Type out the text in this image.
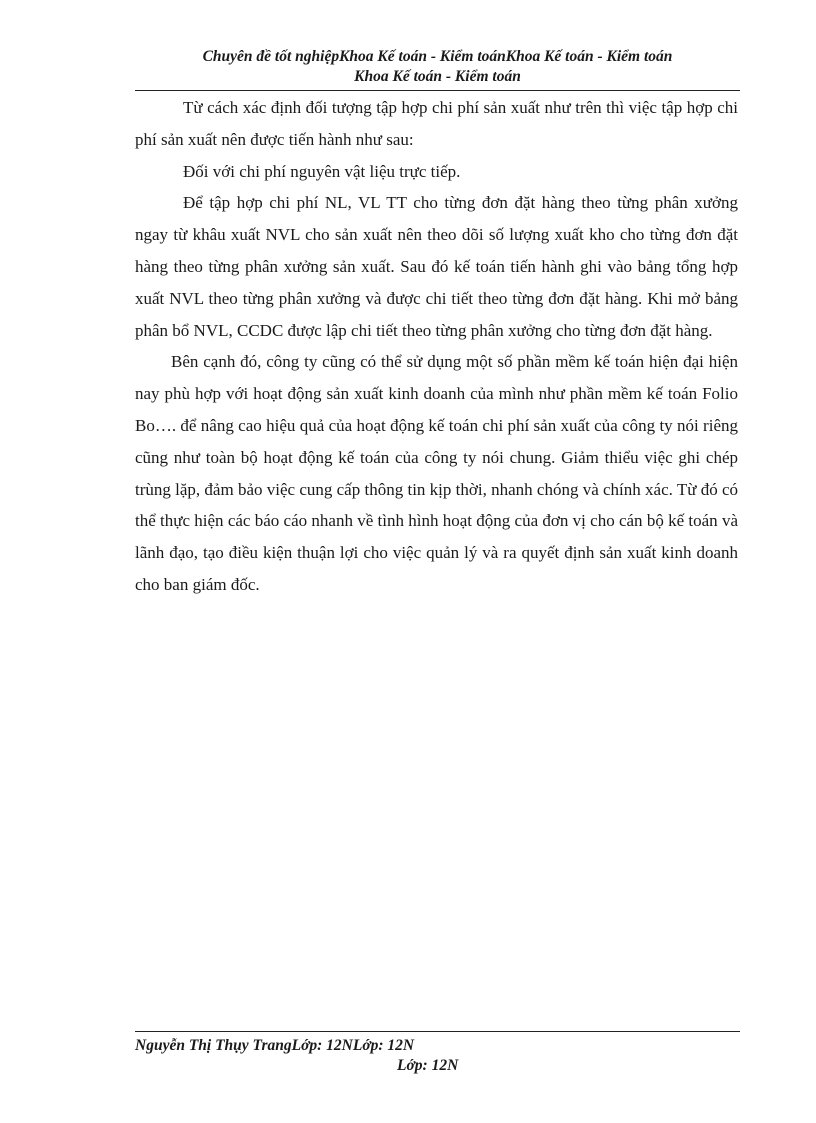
Chuyên đề tốt nghiệpKhoa Kế toán - Kiểm toánKhoa Kế toán - Kiểm toán
Khoa Kế toán - Kiểm toán

Từ cách xác định đối tượng tập hợp chi phí sản xuất như trên thì việc tập hợp chi phí sản xuất nên được tiến hành như sau:

Đối với chi phí nguyên vật liệu trực tiếp.

Để tập hợp chi phí NL, VL TT cho từng đơn đặt hàng theo từng phân xưởng ngay từ khâu xuất NVL cho sản xuất nên theo dõi số lượng xuất kho cho từng đơn đặt hàng theo từng phân xưởng sản xuất. Sau đó kế toán tiến hành ghi vào bảng tổng hợp xuất NVL theo từng phân xưởng và được chi tiết theo từng đơn đặt hàng. Khi mở bảng phân bổ NVL, CCDC được lập chi tiết theo từng phân xưởng cho từng đơn đặt hàng.

Bên cạnh đó, công ty cũng có thể sử dụng một số phần mềm kế toán hiện đại hiện nay phù hợp với hoạt động sản xuất kinh doanh của mình như phần mềm kế toán Folio Bo…. để nâng cao hiệu quả của hoạt động kế toán chi phí sản xuất của công ty nói riêng cũng như toàn bộ hoạt động kế toán của công ty nói chung. Giảm thiểu việc ghi chép trùng lặp, đảm bảo việc cung cấp thông tin kịp thời, nhanh chóng và chính xác. Từ đó có thể thực hiện các báo cáo nhanh về tình hình hoạt động của đơn vị cho cán bộ kế toán và lãnh đạo, tạo điều kiện thuận lợi cho việc quản lý và ra quyết định sản xuất kinh doanh cho ban giám đốc.

Nguyễn Thị Thụy TrangLớp: 12NLớp: 12N
Lớp: 12N
